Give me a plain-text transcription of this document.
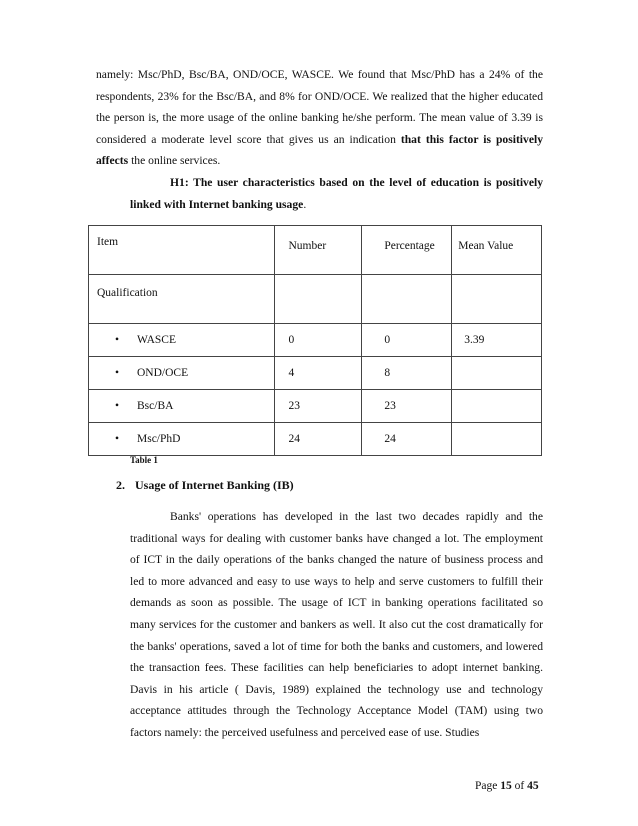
namely: Msc/PhD, Bsc/BA, OND/OCE, WASCE. We found that Msc/PhD has a 24% of the respondents, 23% for the Bsc/BA, and 8% for OND/OCE. We realized that the higher educated the person is, the more usage of the online banking he/she perform. The mean value of 3.39 is considered a moderate level score that gives us an indication that this factor is positively affects the online services.

H1: The user characteristics based on the level of education is positively linked with Internet banking usage.

Item	Number	Percentage	Mean Value
Qualification			

• WASCE	0	0	3.39

• OND/OCE	4	8	

• Bsc/BA	23	23	

• Msc/PhD	24	24	

Table 1
2. Usage of Internet Banking (IB)

Banks' operations has developed in the last two decades rapidly and the traditional ways for dealing with customer banks have changed a lot. The employment of ICT in the daily operations of the banks changed the nature of business process and led to more advanced and easy to use ways to help and serve customers to fulfill their demands as soon as possible. The usage of ICT in banking operations facilitated so many services for the customer and bankers as well. It also cut the cost dramatically for the banks' operations, saved a lot of time for both the banks and customers, and lowered the transaction fees. These facilities can help beneficiaries to adopt internet banking. Davis in his article ( Davis, 1989) explained the technology use and technology acceptance attitudes through the Technology Acceptance Model (TAM) using two factors namely: the perceived usefulness and perceived ease of use. Studies

Page 15 of 45
